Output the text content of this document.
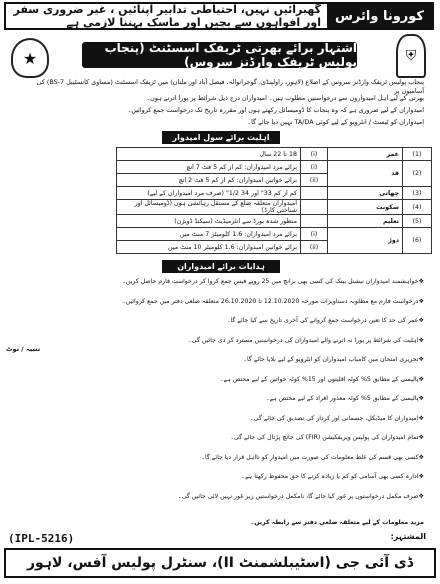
گھبرائیں نہیں، احتیاطی تدابیر اپنائیں ، غیر ضروری سفر اور افواہوں سے بچیں اور ماسک پہننا لازمی ہے	کورونا وائرس
★	⛨
اشتہار برائے بھرتی ٹریفک اسسٹنٹ (پنجاب پولیس ٹریفک وارڈنز سروس)
پنجاب پولیس ٹریفک وارڈنز سروس کے اضلاع (لاہور، راولپنڈی، گوجرانوالہ، فیصل آباد اور ملتان) میں ٹریفک اسسٹنٹ (مساوی کانسٹیبل BS-7) کی آسامیوں پر
بھرتی کے لیے اہل امیدواروں سے درخواستیں مطلوب ہیں۔ امیدواران درج ذیل شرائط پر پورا اترتے ہوں۔
امیدواران کے لیے ضروری ہے کہ وہ پنجاب کا ڈومیسائل رکھتے ہوں اور مقررہ تاریخ تک درخواست جمع کروائیں۔
امیدواران کو ٹیسٹ / انٹرویو کے لیے کوئی TA/DA نہیں دیا جائے گا۔
اہلیت برائے سول امیدوار
(1)	عمر	(i)	18 تا 22 سال
(2)	قد	(i)	برائے مرد امیدواران: کم از کم 5 فٹ 7 انچ
		(ii)	برائے خواتین امیدواران: کم از کم 5 فٹ 2 انچ
(3)	چھاتی		کم از کم 33" اور 34 1/2" (صرف مرد امیدواران کے لیے)
(4)	سکونت		امیدواران متعلقہ ضلع کے مستقل رہائشی ہوں (ڈومیسائل اور شناختی کارڈ)
(5)	تعلیم		منظور شدہ بورڈ سے انٹرمیڈیٹ (سیکنڈ ڈویژن)
(6)	دوڑ	(i)	برائے مرد امیدواران: 1.6 کلومیٹر 7 منٹ میں
		(ii)	برائے خواتین امیدواران: 1.6 کلومیٹر 10 منٹ میں
ہدایات برائے امیدواران
❖ خواہشمند امیدواران نیشنل بینک کی کسی بھی برانچ میں 25 روپے فیس جمع کروا کر درخواست فارم حاصل کریں۔
❖ درخواست فارم مع مطلوبہ دستاویزات مورخہ 12.10.2020 تا 26.10.2020 متعلقہ ضلعی دفتر میں جمع کروائیں۔
❖ عمر کی حد کا تعین درخواست جمع کروانے کی آخری تاریخ سے کیا جائے گا۔
❖ اہلیت کی شرائط پر پورا نہ اترنے والے امیدواران کی درخواستیں مسترد کر دی جائیں گی۔
❖ تحریری امتحان میں کامیاب امیدواران کو انٹرویو کے لیے بلایا جائے گا۔
❖ پالیسی کے مطابق 5% کوٹہ اقلیتوں اور 15% کوٹہ خواتین کے لیے مختص ہے۔
❖ پالیسی کے مطابق 5% کوٹہ معذور افراد کے لیے مختص ہے۔
❖ امیدواران کا میڈیکل، جسمانی اور کردار کی تصدیق کی جائے گی۔
❖ تمام امیدواران کی پولیس ویریفکیشن (FIR) کی جانچ پڑتال کی جائے گی۔
❖ کسی بھی قسم کی غلط معلومات کی صورت میں امیدوار کو نااہل قرار دیا جائے گا۔
❖ ادارہ کسی بھی آسامی کو کم یا زیادہ کرنے کا حق محفوظ رکھتا ہے۔
❖ صرف مکمل درخواستوں پر غور کیا جائے گا، نامکمل درخواستیں زیر غور نہیں لائی جائیں گی۔
تنبیہ / نوٹ
مزید معلومات کے لیے متعلقہ ضلعی دفتر سے رابطہ کریں۔
(IPL-5216)	المشتہر:
ڈی آئی جی (اسٹیبلشمنٹ II)، سنٹرل پولیس آفس، لاہور
